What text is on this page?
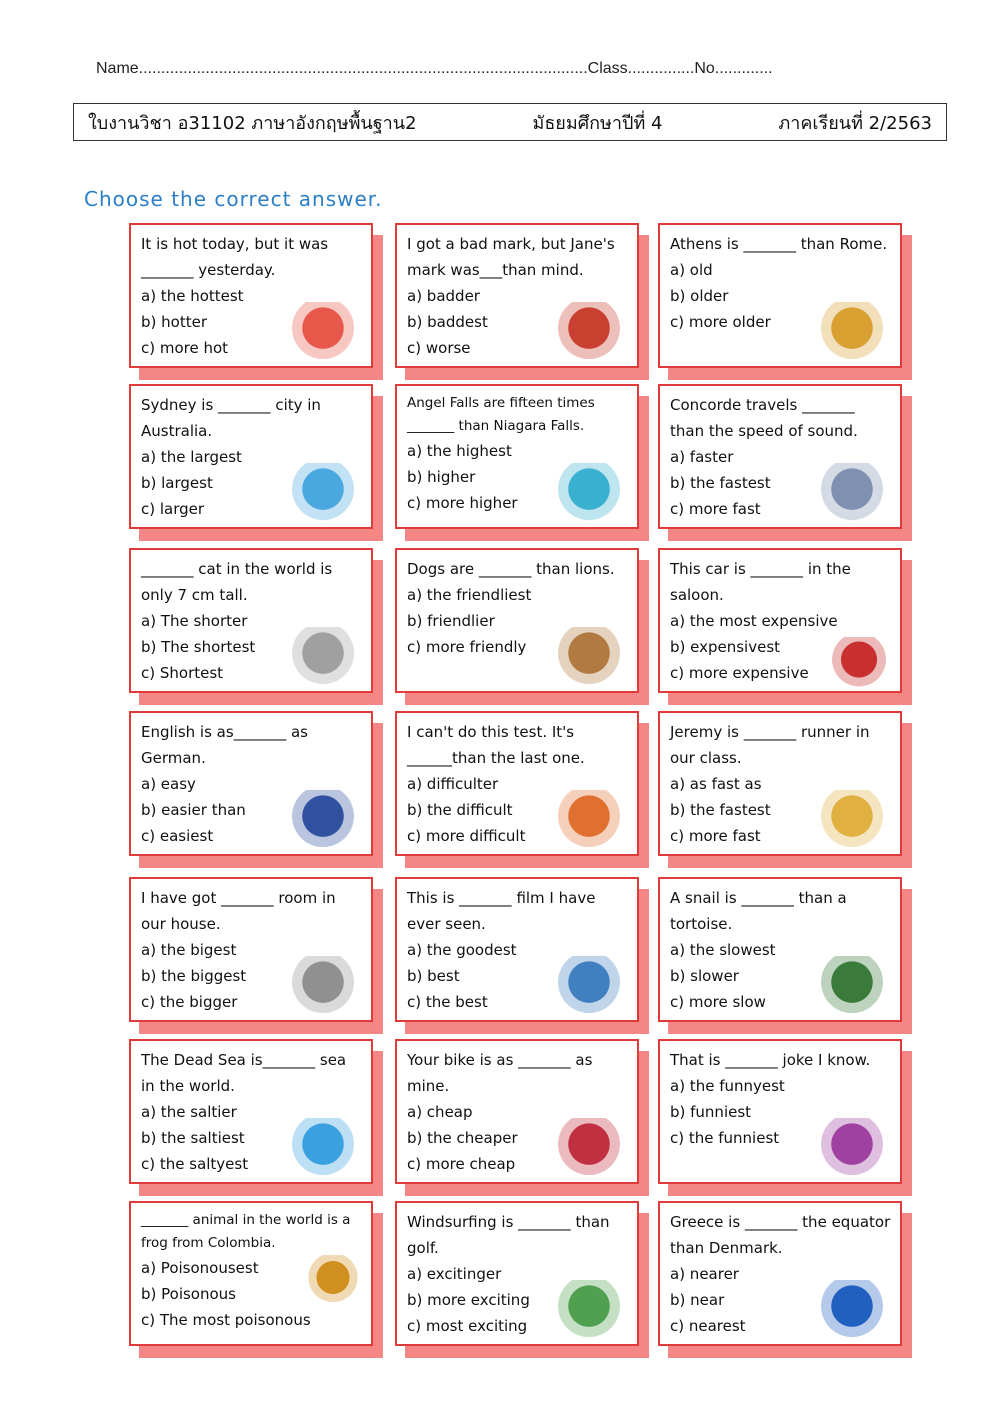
Name.....................................................................................................Class...............No.............
ใบงานวิชา อ31102 ภาษาอังกฤษพื้นฐาน2	มัธยมศึกษาปีที่ 4	ภาคเรียนที่ 2/2563
Choose the correct answer.
It is hot today, but it was _______ yesterday.
a) the hottest
b) hotter
c) more hot
I got a bad mark, but Jane's mark was___than mind.
a) badder
b) baddest
c) worse
Athens is _______ than Rome.
a) old
b) older
c) more older
Sydney is _______ city in Australia.
a) the largest
b) largest
c) larger
Angel Falls are fifteen times _______ than Niagara Falls.
a) the highest
b) higher
c) more higher
Concorde travels _______ than the speed of sound.
a) faster
b) the fastest
c) more fast
_______ cat in the world is only 7 cm tall.
a) The shorter
b) The shortest
c) Shortest
Dogs are _______ than lions.
a) the friendliest
b) friendlier
c) more friendly
This car is _______ in the saloon.
a) the most expensive
b) expensivest
c) more expensive
English is as_______ as German.
a) easy
b) easier than
c) easiest
I can't do this test. It's ______than the last one.
a) difficulter
b) the difficult
c) more difficult
Jeremy is _______ runner in our class.
a) as fast as
b) the fastest
c) more fast
I have got _______ room in our house.
a) the bigest
b) the biggest
c) the bigger
This is _______ film I have ever seen.
a) the goodest
b) best
c) the best
A snail is _______ than a tortoise.
a) the slowest
b) slower
c) more slow
The Dead Sea is_______ sea in the world.
a) the saltier
b) the saltiest
c) the saltyest
Your bike is as _______ as mine.
a) cheap
b) the cheaper
c) more cheap
That is _______ joke I know.
a) the funnyest
b) funniest
c) the funniest
_______ animal in the world is a frog from Colombia.
a) Poisonousest
b) Poisonous
c) The most poisonous
Windsurfing is _______ than golf.
a) excitinger
b) more exciting
c) most exciting
Greece is _______ the equator than Denmark.
a) nearer
b) near
c) nearest
